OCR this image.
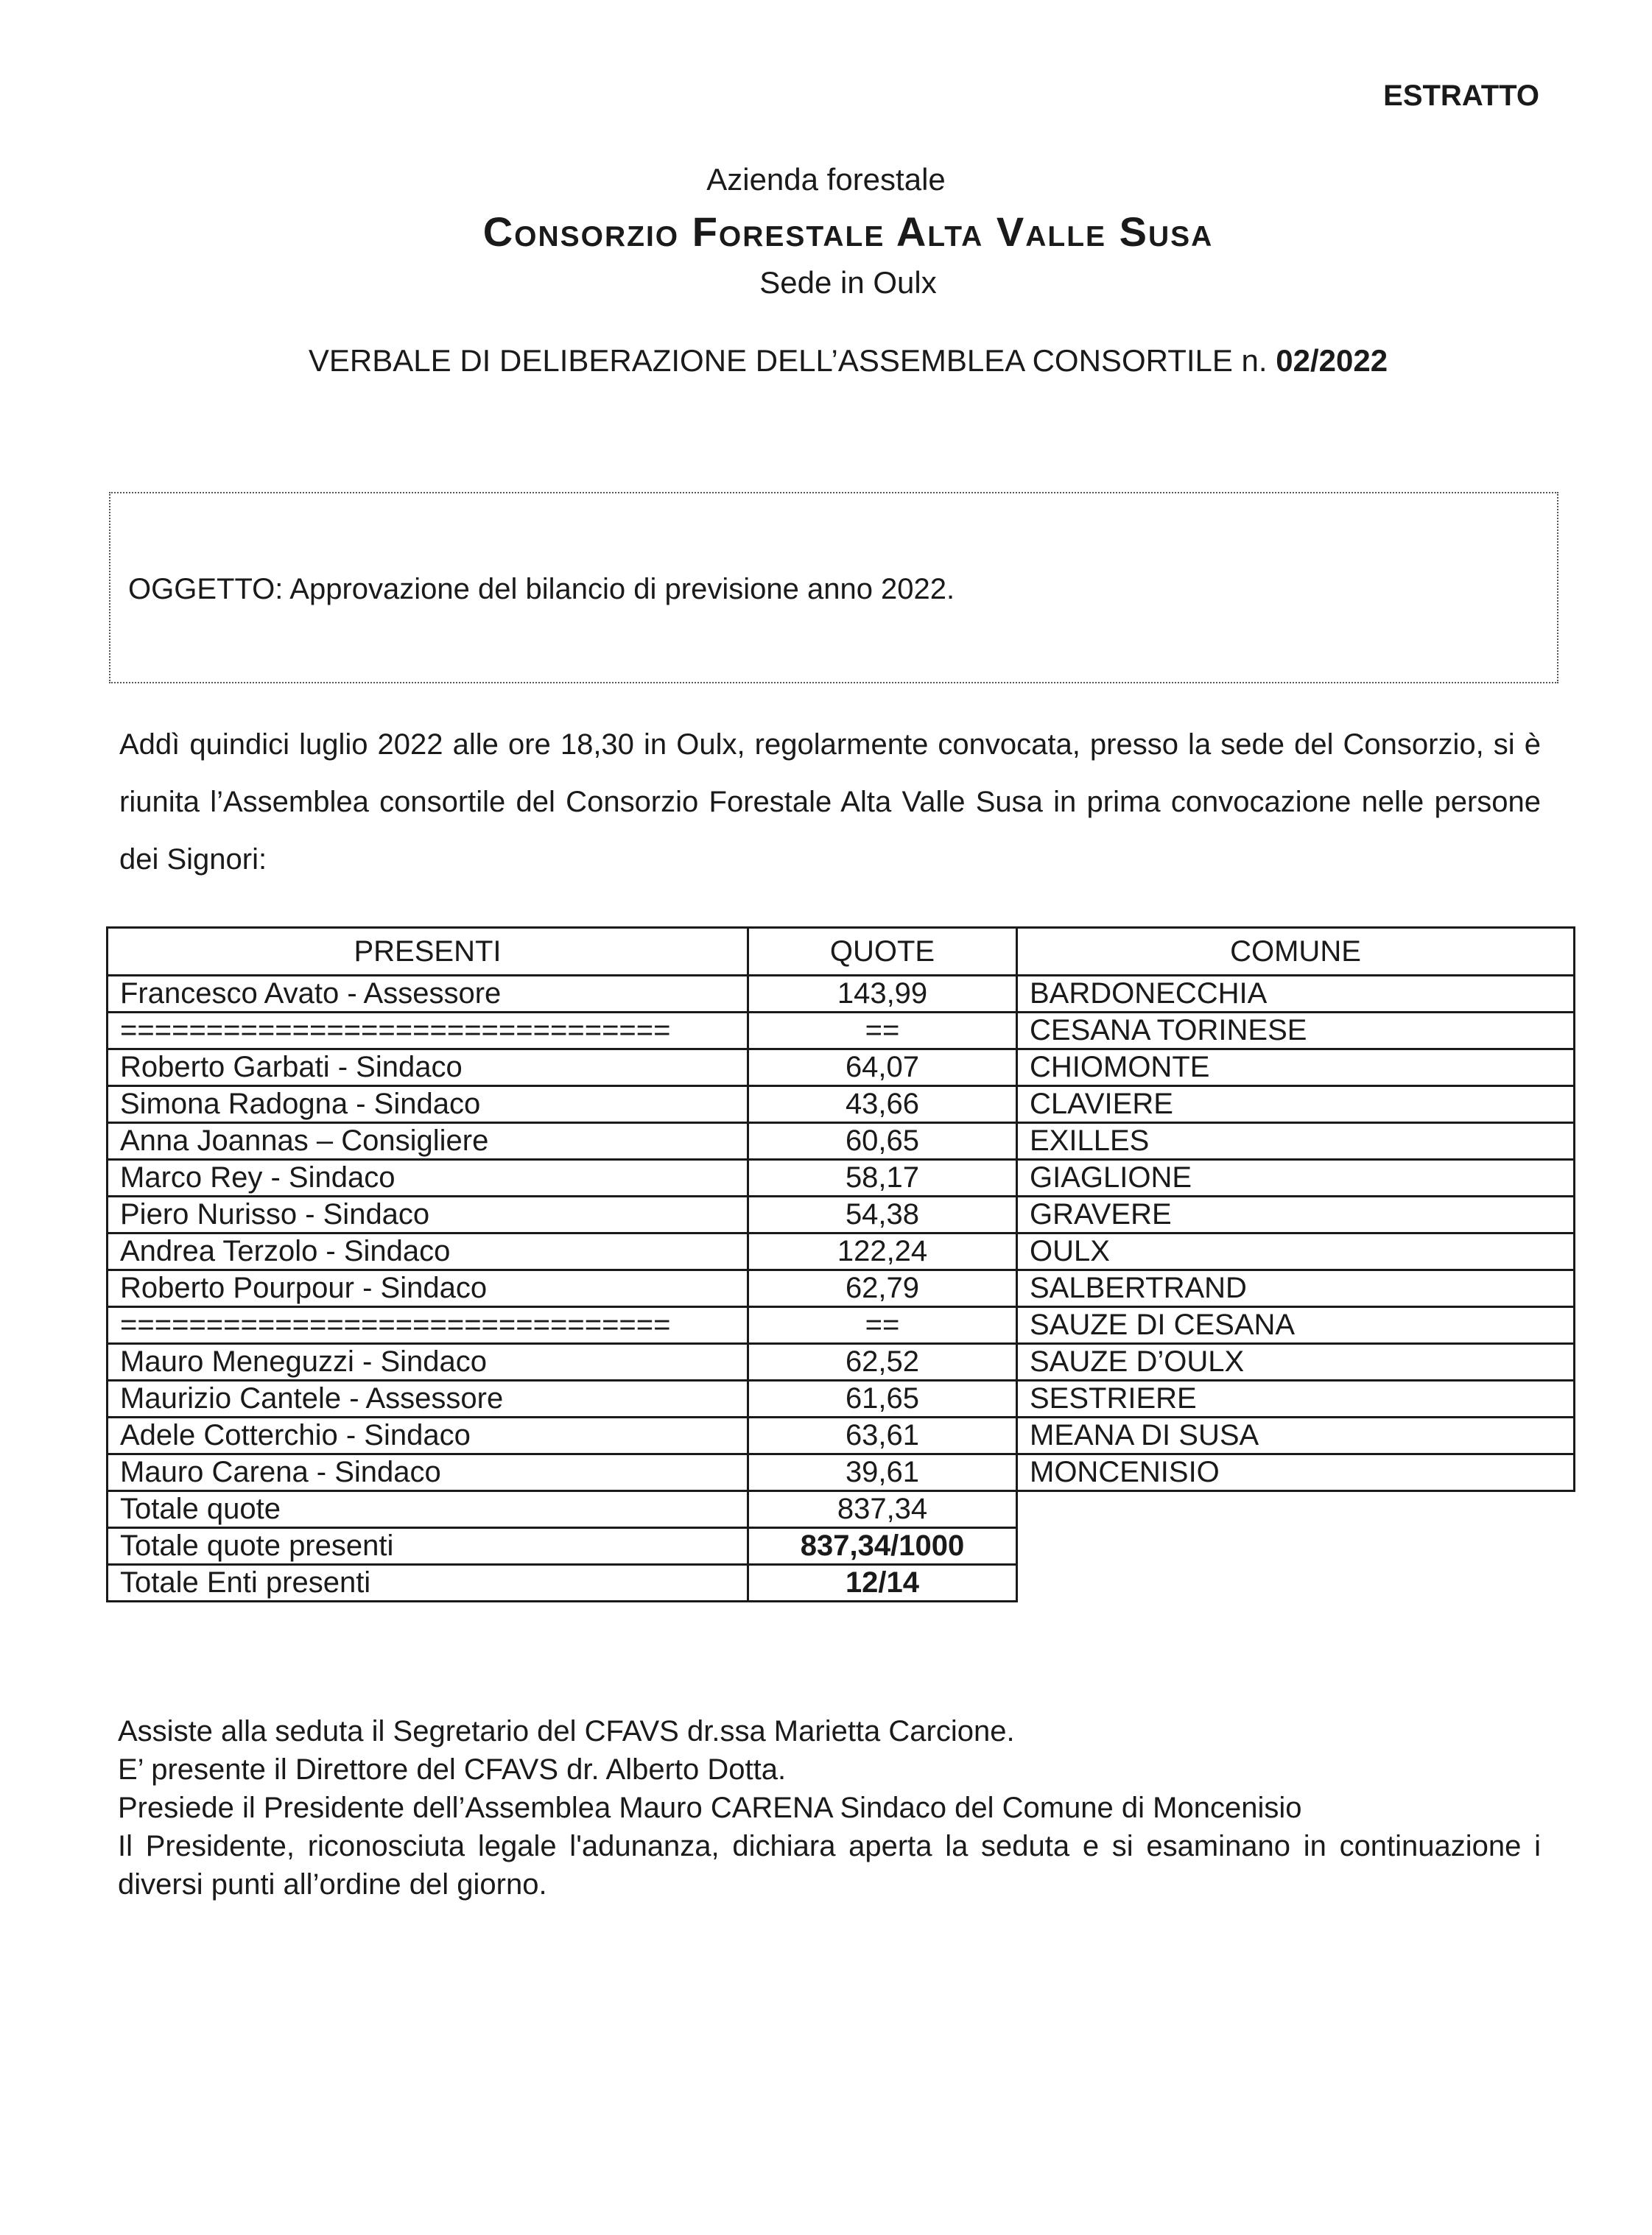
ESTRATTO
Azienda forestale
Consorzio Forestale Alta Valle Susa
Sede in Oulx
VERBALE DI DELIBERAZIONE DELL’ASSEMBLEA CONSORTILE n. 02/2022
OGGETTO: Approvazione del bilancio di previsione anno 2022.
Addì quindici luglio 2022 alle ore 18,30 in Oulx, regolarmente convocata, presso la sede del Consorzio, si è riunita l’Assemblea consortile del Consorzio Forestale Alta Valle Susa in prima convocazione nelle persone dei Signori:
PRESENTI	QUOTE	COMUNE
Francesco Avato - Assessore	143,99	BARDONECCHIA
================================	==	CESANA TORINESE
Roberto Garbati - Sindaco	64,07	CHIOMONTE
Simona Radogna - Sindaco	43,66	CLAVIERE
Anna Joannas – Consigliere	60,65	EXILLES
Marco Rey - Sindaco	58,17	GIAGLIONE
Piero Nurisso - Sindaco	54,38	GRAVERE
Andrea Terzolo - Sindaco	122,24	OULX
Roberto Pourpour - Sindaco	62,79	SALBERTRAND
================================	==	SAUZE DI CESANA
Mauro Meneguzzi - Sindaco	62,52	SAUZE D’OULX
Maurizio Cantele - Assessore	61,65	SESTRIERE
Adele Cotterchio - Sindaco	63,61	MEANA DI SUSA
Mauro Carena - Sindaco	39,61	MONCENISIO
Totale quote	837,34	
Totale quote presenti	837,34/1000	
Totale Enti presenti	12/14	

Assiste alla seduta il Segretario del CFAVS dr.ssa Marietta Carcione.

E’ presente il Direttore del CFAVS dr. Alberto Dotta.

Presiede il Presidente dell’Assemblea Mauro CARENA Sindaco del Comune di Moncenisio

Il Presidente, riconosciuta legale l'adunanza, dichiara aperta la seduta e si esaminano in continuazione i diversi punti all’ordine del giorno.
